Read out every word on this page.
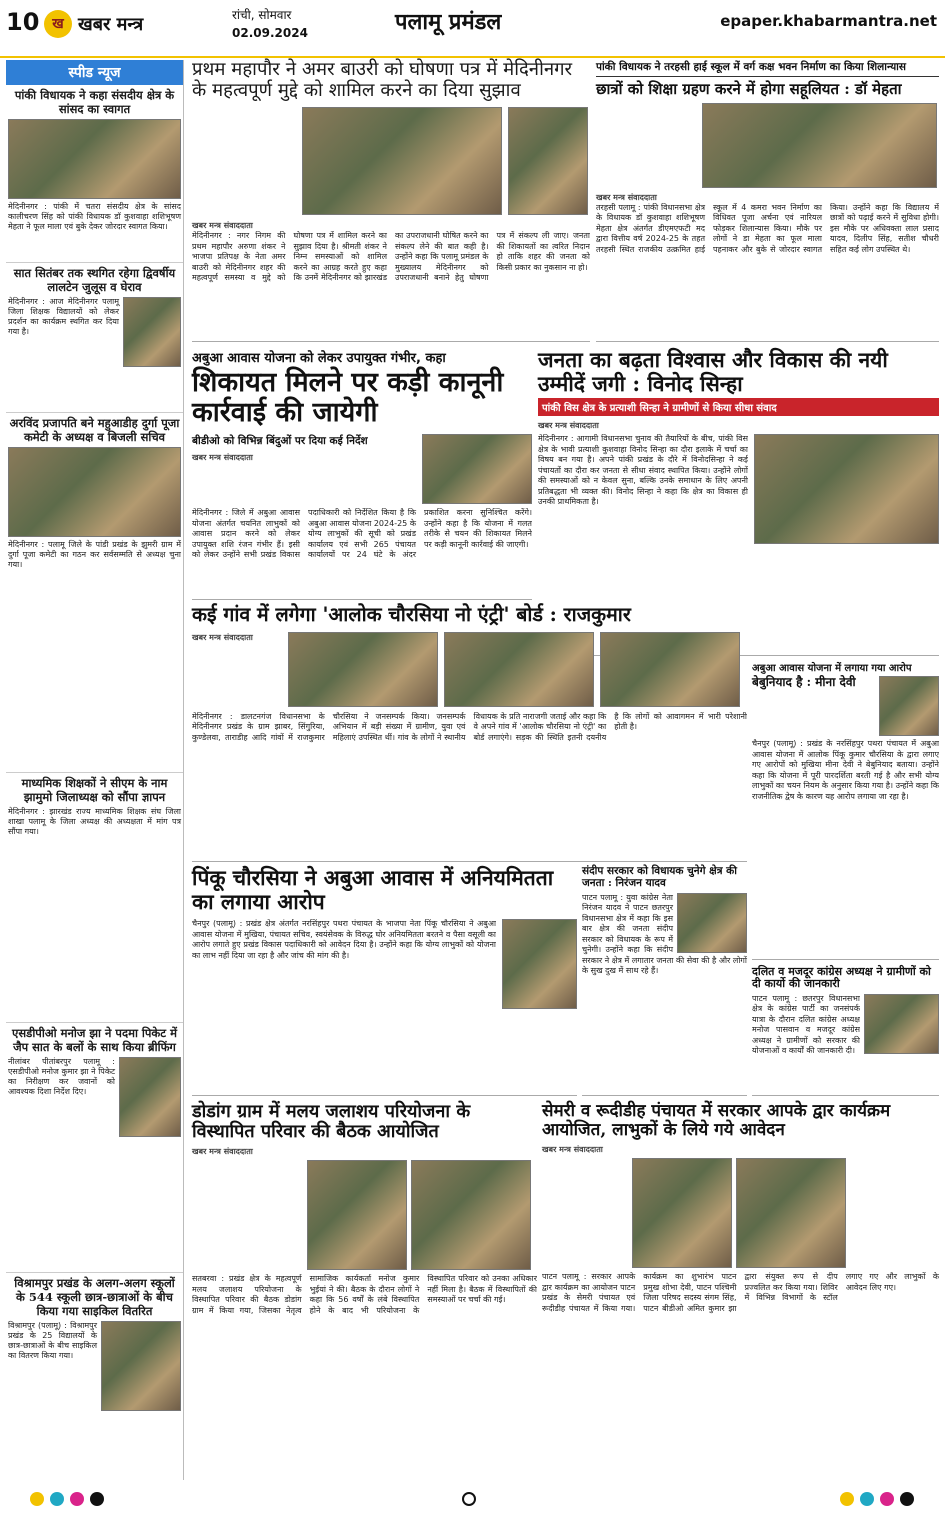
10 ख खबर मन्त्र	रांची, सोमवार
02.09.2024	पलामू प्रमंडल	epaper.khabarmantra.net
स्पीड न्यूज
पांकी विधायक ने कहा संसदीय क्षेत्र के सांसद का स्वागत

मेदिनीनगर : पांकी में चतरा संसदीय क्षेत्र के सांसद कालीचरण सिंह को पांकी विधायक डॉ कुशवाहा शशिभूषण मेहता ने फूल माला एवं बुके देकर जोरदार स्वागत किया।

सात सितंबर तक स्थगित रहेगा द्विवर्षीय लालटेन जुलूस व घेराव

मेदिनीनगर : आज मेदिनीनगर पलामू जिला शिक्षक विद्यालयों को लेकर प्रदर्शन का कार्यक्रम स्थगित कर दिया गया है।

अरविंद प्रजापति बने महुआडीह दुर्गा पूजा कमेटी के अध्यक्ष व बिजली सचिव

मेदिनीनगर : पलामू जिले के पांडी प्रखंड के झुमरी ग्राम में दुर्गा पूजा कमेटी का गठन कर सर्वसम्मति से अध्यक्ष चुना गया।

माध्यमिक शिक्षकों ने सीएम के नाम झामुमो जिलाध्यक्ष को सौंपा ज्ञापन

मेदिनीनगर : झारखंड राज्य माध्यमिक शिक्षक संघ जिला शाखा पलामू के जिला अध्यक्ष की अध्यक्षता में मांग पत्र सौंपा गया।

एसडीपीओ मनोज झा ने पदमा पिकेट में जैप सात के बलों के साथ किया ब्रीफिंग

नीलांबर पीतांबरपुर पलामू : एसडीपीओ मनोज कुमार झा ने पिकेट का निरीक्षण कर जवानों को आवश्यक दिशा निर्देश दिए।

विश्रामपुर प्रखंड के अलग-अलग स्कूलों के 544 स्कूली छात्र-छात्राओं के बीच किया गया साइकिल वितरित

विश्रामपुर (पलामू) : विश्रामपुर प्रखंड के 25 विद्यालयों के छात्र-छात्राओं के बीच साइकिल का वितरण किया गया।

प्रथम महापौर ने अमर बाउरी को घोषणा पत्र में मेदिनीनगर के महत्वपूर्ण मुद्दे को शामिल करने का दिया सुझाव
खबर मन्त्र संवाददाता

मेदिनीनगर : नगर निगम की प्रथम महापौर अरुणा शंकर ने भाजपा प्रतिपक्ष के नेता अमर बाउरी को मेदिनीनगर शहर की महत्वपूर्ण समस्या व मुद्दे को घोषणा पत्र में शामिल करने का सुझाव दिया है। श्रीमती शंकर ने निम्न समस्याओं को शामिल करने का आग्रह करते हुए कहा कि उनमें मेदिनीनगर को झारखंड का उपराजधानी घोषित करने का संकल्प लेने की बात कही है। उन्होंने कहा कि पलामू प्रमंडल के मुख्यालय मेदिनीनगर को उपराजधानी बनाने हेतु घोषणा पत्र में संकल्प ली जाए। जनता की शिकायतों का त्वरित निदान हो ताकि शहर की जनता को किसी प्रकार का नुकसान ना हो।

पांकी विधायक ने तरहसी हाई स्कूल में वर्ग कक्ष भवन निर्माण का किया शिलान्यास
छात्रों को शिक्षा ग्रहण करने में होगा सहूलियत : डॉ मेहता
खबर मन्त्र संवाददाता

तरहसी पलामू : पांकी विधानसभा क्षेत्र के विधायक डॉ कुशवाहा शशिभूषण मेहता क्षेत्र अंतर्गत डीएमएफटी मद द्वारा वित्तीय वर्ष 2024-25 के तहत तरहसी स्थित राजकीय उत्क्रमित हाई स्कूल में 4 कमरा भवन निर्माण का विधिवत पूजा अर्चना एवं नारियल फोड़कर शिलान्यास किया। मौके पर लोगों ने डा मेहता का फूल माला पहनाकर और बुके से जोरदार स्वागत किया। उन्होंने कहा कि विद्यालय में छात्रों को पढ़ाई करने में सुविधा होगी। इस मौके पर अधिवक्ता लाल प्रसाद यादव, दिलीप सिंह, सतीश चौधरी सहित कई लोग उपस्थित थे।

अबुआ आवास योजना को लेकर उपायुक्त गंभीर, कहा
शिकायत मिलने पर कड़ी कानूनी कार्रवाई की जायेगी
बीडीओ को विभिन्न बिंदुओं पर दिया कई निर्देश
खबर मन्त्र संवाददाता

मेदिनीनगर : जिले में अबुआ आवास योजना अंतर्गत चयनित लाभुकों को आवास प्रदान करने को लेकर उपायुक्त शशि रंजन गंभीर हैं। इसी को लेकर उन्होंने सभी प्रखंड विकास पदाधिकारी को निर्देशित किया है कि अबुआ आवास योजना 2024-25 के योग्य लाभुकों की सूची को प्रखंड कार्यालय एवं सभी 265 पंचायत कार्यालयों पर 24 घंटे के अंदर प्रकाशित करना सुनिश्चित करेंगे। उन्होंने कहा है कि योजना में गलत तरीके से चयन की शिकायत मिलने पर कड़ी कानूनी कार्रवाई की जाएगी।

जनता का बढ़ता विश्वास और विकास की नयी उम्मीदें जगी : विनोद सिन्हा
पांकी विस क्षेत्र के प्रत्याशी सिन्हा ने ग्रामीणों से किया सीधा संवाद
खबर मन्त्र संवाददाता

मेदिनीनगर : आगामी विधानसभा चुनाव की तैयारियों के बीच, पांकी विस क्षेत्र के भावी प्रत्याशी कुशवाहा विनोद सिन्हा का दौरा इलाके में चर्चा का विषय बन गया है। अपने पांकी प्रखंड के दौरे में विनोदसिन्हा ने कई पंचायतों का दौरा कर जनता से सीधा संवाद स्थापित किया। उन्होंने लोगों की समस्याओं को न केवल सुना, बल्कि उनके समाधान के लिए अपनी प्रतिबद्धता भी व्यक्त की। विनोद सिन्हा ने कहा कि क्षेत्र का विकास ही उनकी प्राथमिकता है।

कई गांव में लगेगा 'आलोक चौरसिया नो एंट्री' बोर्ड : राजकुमार
खबर मन्त्र संवाददाता

मेदिनीनगर : डालटनगंज विधानसभा के मेदिनीनगर प्रखंड के ग्राम झाबर, सिंगुरिया, कुण्डेलवा, ताराडीह आदि गांवों में राजकुमार चौरसिया ने जनसम्पर्क किया। जनसम्पर्क अभियान में बड़ी संख्या में ग्रामीण, युवा एवं महिलाएं उपस्थित थीं। गांव के लोगों ने स्थानीय विधायक के प्रति नाराजगी जताई और कहा कि वे अपने गांव में 'आलोक चौरसिया नो एंट्री' का बोर्ड लगाएंगे। सड़क की स्थिति इतनी दयनीय है कि लोगों को आवागमन में भारी परेशानी होती है।

अबुआ आवास योजना में लगाया गया आरोप
बेबुनियाद है : मीना देवी

चैनपुर (पलामू) : प्रखंड के नरसिंहपुर पथरा पंचायत में अबुआ आवास योजना में आलोक पिंकू कुमार चौरसिया के द्वारा लगाए गए आरोपों को मुखिया मीना देवी ने बेबुनियाद बताया। उन्होंने कहा कि योजना में पूरी पारदर्शिता बरती गई है और सभी योग्य लाभुकों का चयन नियम के अनुसार किया गया है। उन्होंने कहा कि राजनीतिक द्वेष के कारण यह आरोप लगाया जा रहा है।

पिंकू चौरसिया ने अबुआ आवास में अनियमितता का लगाया आरोप

चैनपुर (पलामू) : प्रखंड क्षेत्र अंतर्गत नरसिंहपुर पथरा पंचायत के भाजपा नेता पिंकू चौरसिया ने अबुआ आवास योजना में मुखिया, पंचायत सचिव, स्वयंसेवक के विरुद्ध घोर अनियमितता बरतने व पैसा वसूली का आरोप लगाते हुए प्रखंड विकास पदाधिकारी को आवेदन दिया है। उन्होंने कहा कि योग्य लाभुकों को योजना का लाभ नहीं दिया जा रहा है और जांच की मांग की है।

संदीप सरकार को विधायक चुनेगे क्षेत्र की जनता : निरंजन यादव

पाटन पलामू : युवा कांग्रेस नेता निरंजन यादव ने पाटन छतरपुर विधानसभा क्षेत्र में कहा कि इस बार क्षेत्र की जनता संदीप सरकार को विधायक के रूप में चुनेगी। उन्होंने कहा कि संदीप सरकार ने क्षेत्र में लगातार जनता की सेवा की है और लोगों के सुख दुख में साथ रहे हैं।	दलित व मजदूर कांग्रेस अध्यक्ष ने ग्रामीणों को दी कार्यो की जानकारी

पाटन पलामू : छतरपुर विधानसभा क्षेत्र के कांग्रेस पार्टी का जनसंपर्क यात्रा के दौरान दलित कांग्रेस अध्यक्ष मनोज पासवान व मजदूर कांग्रेस अध्यक्ष ने ग्रामीणों को सरकार की योजनाओं व कार्यों की जानकारी दी।

डोडांग ग्राम में मलय जलाशय परियोजना के विस्थापित परिवार की बैठक आयोजित
खबर मन्त्र संवाददाता

सतबरवा : प्रखंड क्षेत्र के महत्वपूर्ण मलय जलाशय परियोजना के विस्थापित परिवार की बैठक डोडांग ग्राम में किया गया, जिसका नेतृत्व सामाजिक कार्यकर्ता मनोज कुमार भुईयां ने की। बैठक के दौरान लोगों ने कहा कि 56 वर्षों के लंबे विस्थापित होने के बाद भी परियोजना के विस्थापित परिवार को उनका अधिकार नहीं मिला है। बैठक में विस्थापितों की समस्याओं पर चर्चा की गई।

सेमरी व रूदीडीह पंचायत में सरकार आपके द्वार कार्यक्रम आयोजित, लाभुकों के लिये गये आवेदन
खबर मन्त्र संवाददाता

पाटन पलामू : सरकार आपके द्वार कार्यक्रम का आयोजन पाटन प्रखंड के सेमरी पंचायत एवं रूदीडीह पंचायत में किया गया। कार्यक्रम का शुभारंभ पाटन प्रमुख शोभा देवी, पाटन पश्चिमी जिला परिषद सदस्य संगम सिंह, पाटन बीडीओ अमित कुमार झा द्वारा संयुक्त रूप से दीप प्रज्वलित कर किया गया। शिविर में विभिन्न विभागों के स्टॉल लगाए गए और लाभुकों के आवेदन लिए गए।
